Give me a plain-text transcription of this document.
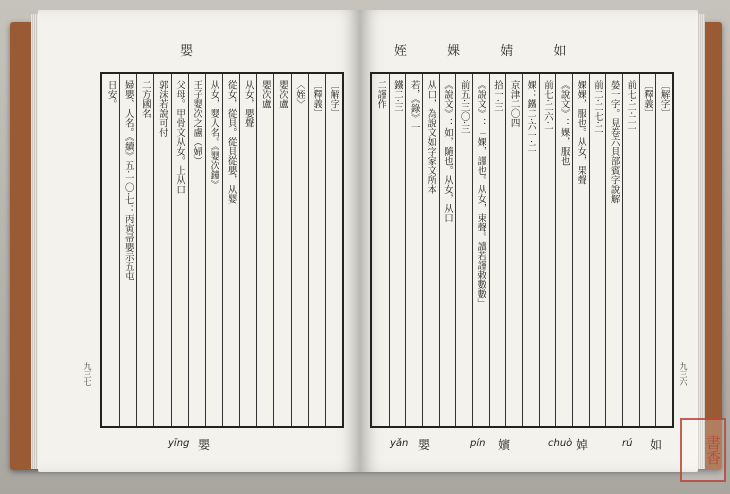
嬰
〔解字〕
〔釋義〕
〈姪〉
嬰次盧
嬰次盧
从女，嬰聲
從女，從貝。從貝從嬰，从婴
从女，婴人名。《婴次鐘》
王子婴次之盧（婦）
父母。甲骨文从女。上从口
郭沫若說可付
二方國名
婦嬰、人名。《續》五·一〇·七：丙寅帚嬰示五屯
日安。
九三七
yīng 嬰
姪 婐 婧 如
〔解字〕
〔釋義〕
前七·二·二一
嫈一字。見卷六貝部賓字說解
前二·二七·二
婐婐，服也。从女，果聲
《說文》：婐，服也
前七·二六·一
婐：鐵二·六一·二
京津二〇四
拾一·三
《說文》：「婐，謹也。从女，束聲。讀若謹敕數數」
前五·三〇·三
《說文》：如，隨也。从女，从口
从口，為說文如字家文所本
若，《錄》一
鐵二·三
二謹作
九三六
yǎn 嬰	pín 嬪	chuò 婥	rú 如	書香
